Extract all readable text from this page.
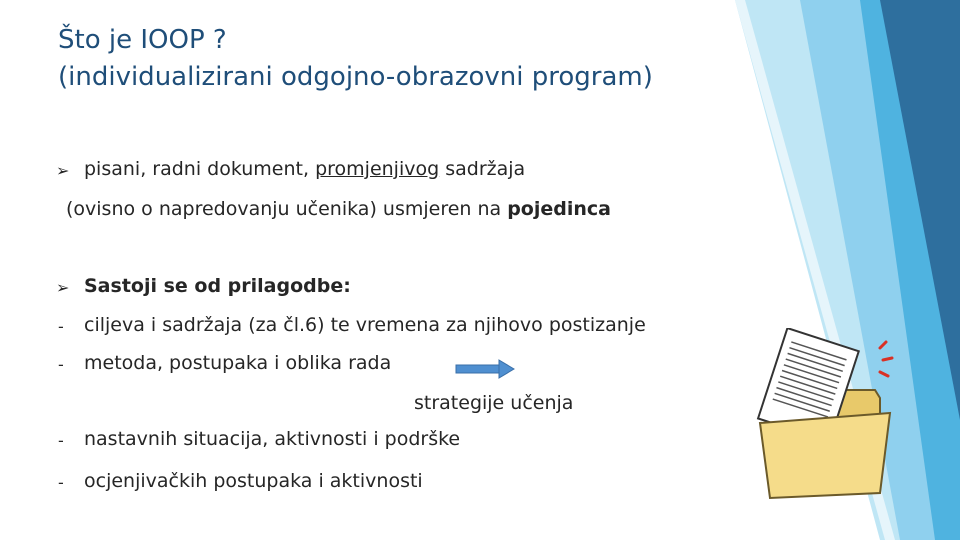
Što je IOOP ?
(individualizirani odgojno-obrazovni program)
➢ pisani, radni dokument, promjenjivog sadržaja
(ovisno o napredovanju učenika) usmjeren na pojedinca
➢ Sastoji se od prilagodbe:
- ciljeva i sadržaja (za čl.6) te vremena za njihovo postizanje
- metoda, postupaka i oblika rada
strategije učenja
- nastavnih situacija, aktivnosti i podrške
- ocjenjivačkih postupaka i aktivnosti
